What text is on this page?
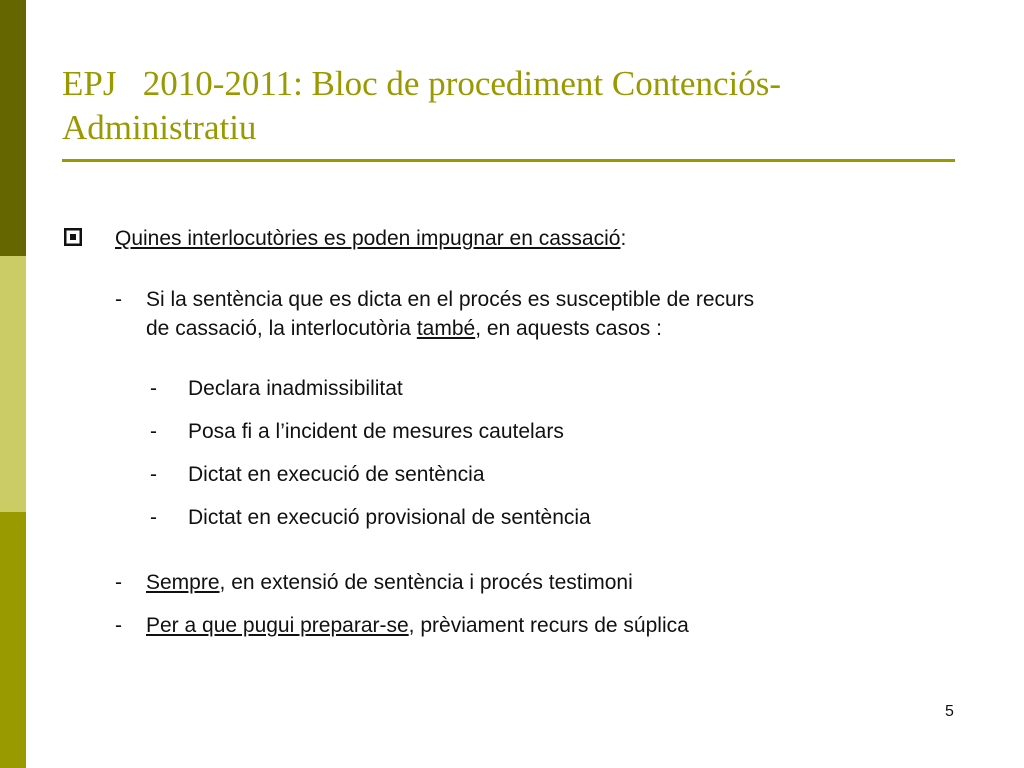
EPJ   2010-2011: Bloc de procediment Contenciós-
Administratiu
Quines interlocutòries es poden impugnar en cassació:
- Si la sentència que es dicta en el procés es susceptible de recurs
de cassació, la interlocutòria també, en aquests casos :
- Declara inadmissibilitat
- Posa fi a l’incident de mesures cautelars
- Dictat en execució de sentència
- Dictat en execució provisional de sentència
- Sempre, en extensió de sentència i procés testimoni
- Per a que pugui preparar-se, prèviament recurs de súplica
5
